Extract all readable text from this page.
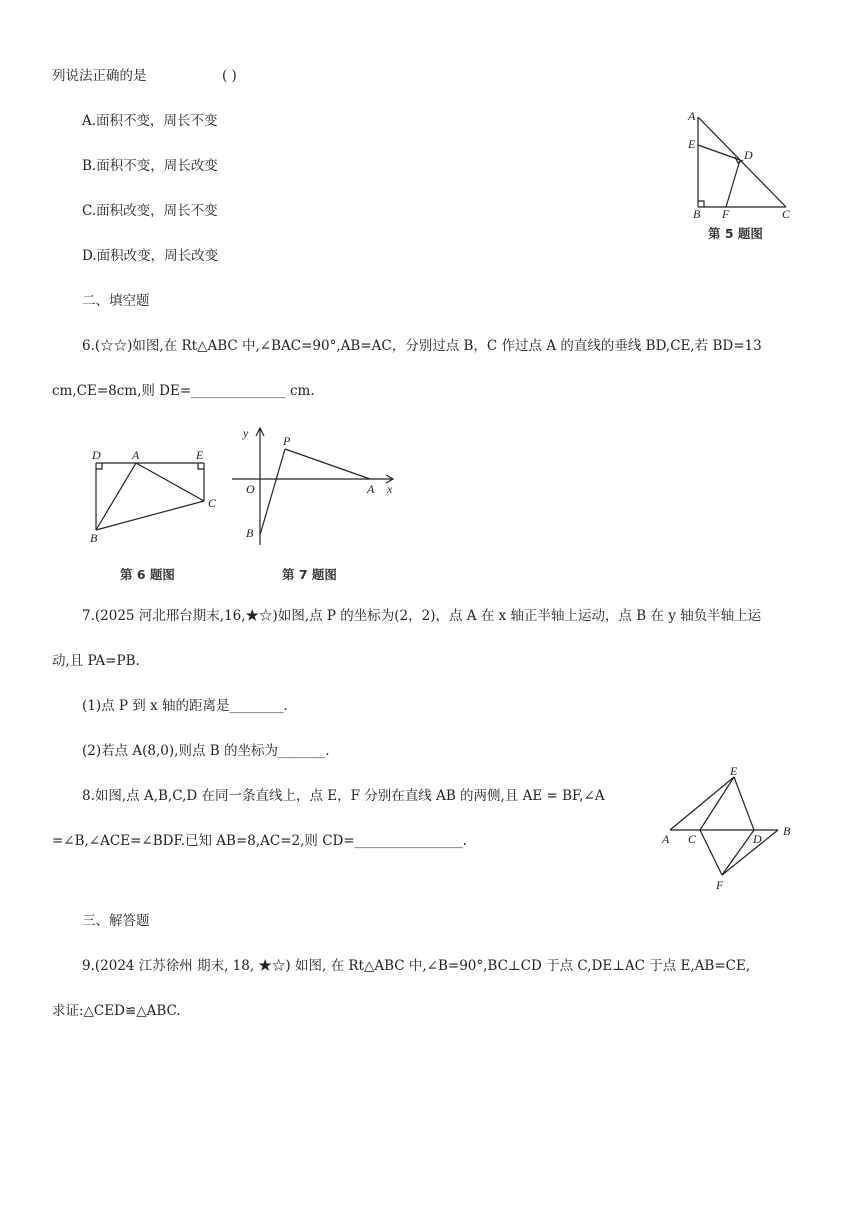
列说法正确的是	( )
A.面积不变，周长不变
B.面积不变，周长改变
C.面积改变，周长不变
D.面积改变，周长改变
A
E
D
B F	C
第 5 题图
二、填空题
6.(☆☆)如图,在 Rt△ABC 中,∠BAC=90°,AB=AC，分别过点 B，C 作过点 A 的直线的垂线 BD,CE,若 BD=13
cm,CE=8cm,则 DE=______________ cm.
D	A	E
C
B
第 6 题图
y
P
O	A x
B
第 7 题图
7.(2025 河北邢台期末,16,★☆)如图,点 P 的坐标为(2，2)，点 A 在 x 轴正半轴上运动，点 B 在 y 轴负半轴上运
动,且 PA=PB.
(1)点 P 到 x 轴的距离是________.
(2)若点 A(8,0),则点 B 的坐标为_______.
8.如图,点 A,B,C,D 在同一条直线上，点 E，F 分别在直线 AB 的两侧,且 AE = BF,∠A
=∠B,∠ACE=∠BDF.已知 AB=8,AC=2,则 CD=________________.
E
A C	D
B
F
三、解答题
9.(2024 江苏徐州 期末, 18, ★☆) 如图, 在 Rt△ABC 中,∠B=90°,BC⊥CD 于点 C,DE⊥AC 于点 E,AB=CE,
求证:△CED≌△ABC.
